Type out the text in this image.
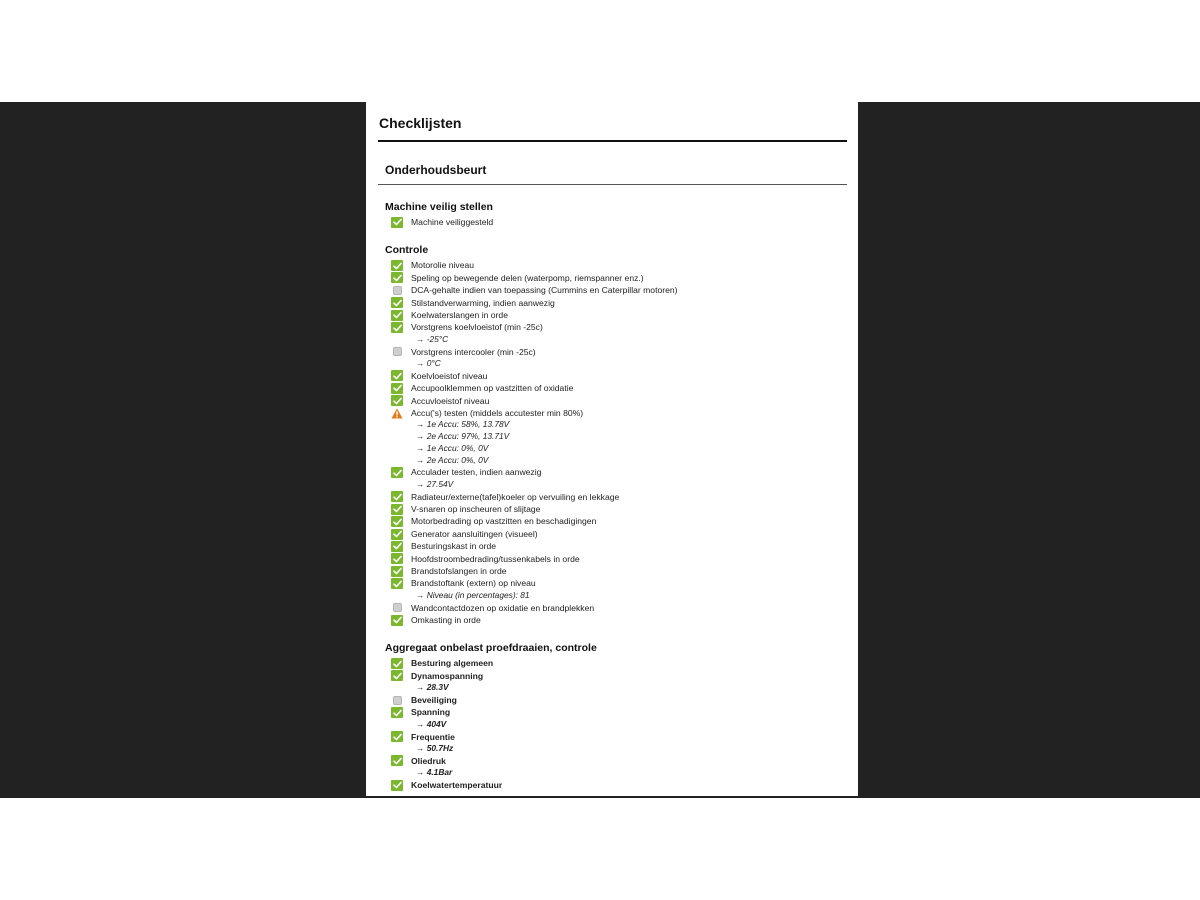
Checklijsten
Onderhoudsbeurt
Machine veilig stellen
Machine veiliggesteld
Controle
Motorolie niveau
Speling op bewegende delen (waterpomp, riemspanner enz.)
DCA-gehalte indien van toepassing (Cummins en Caterpillar motoren)
Stilstandverwarming, indien aanwezig
Koelwaterslangen in orde
Vorstgrens koelvloeistof (min -25c)
→ -25°C
Vorstgrens intercooler (min -25c)
→ 0°C
Koelvloeistof niveau
Accupoolklemmen op vastzitten of oxidatie
Accuvloeistof niveau
Accu('s) testen (middels accutester min 80%)
→ 1e Accu: 58%, 13.78V
→ 2e Accu: 97%, 13.71V
→ 1e Accu: 0%, 0V
→ 2e Accu: 0%, 0V
Acculader testen, indien aanwezig
→ 27.54V
Radiateur/externe(tafel)koeler op vervuiling en lekkage
V-snaren op inscheuren of slijtage
Motorbedrading op vastzitten en beschadigingen
Generator aansluitingen (visueel)
Besturingskast in orde
Hoofdstroombedrading/tussenkabels in orde
Brandstofslangen in orde
Brandstoftank (extern) op niveau
→ Niveau (in percentages): 81
Wandcontactdozen op oxidatie en brandplekken
Omkasting in orde
Aggregaat onbelast proefdraaien, controle
Besturing algemeen
Dynamospanning
→ 28.3V
Beveiliging
Spanning
→ 404V
Frequentie
→ 50.7Hz
Oliedruk
→ 4.1Bar
Koelwatertemperatuur
